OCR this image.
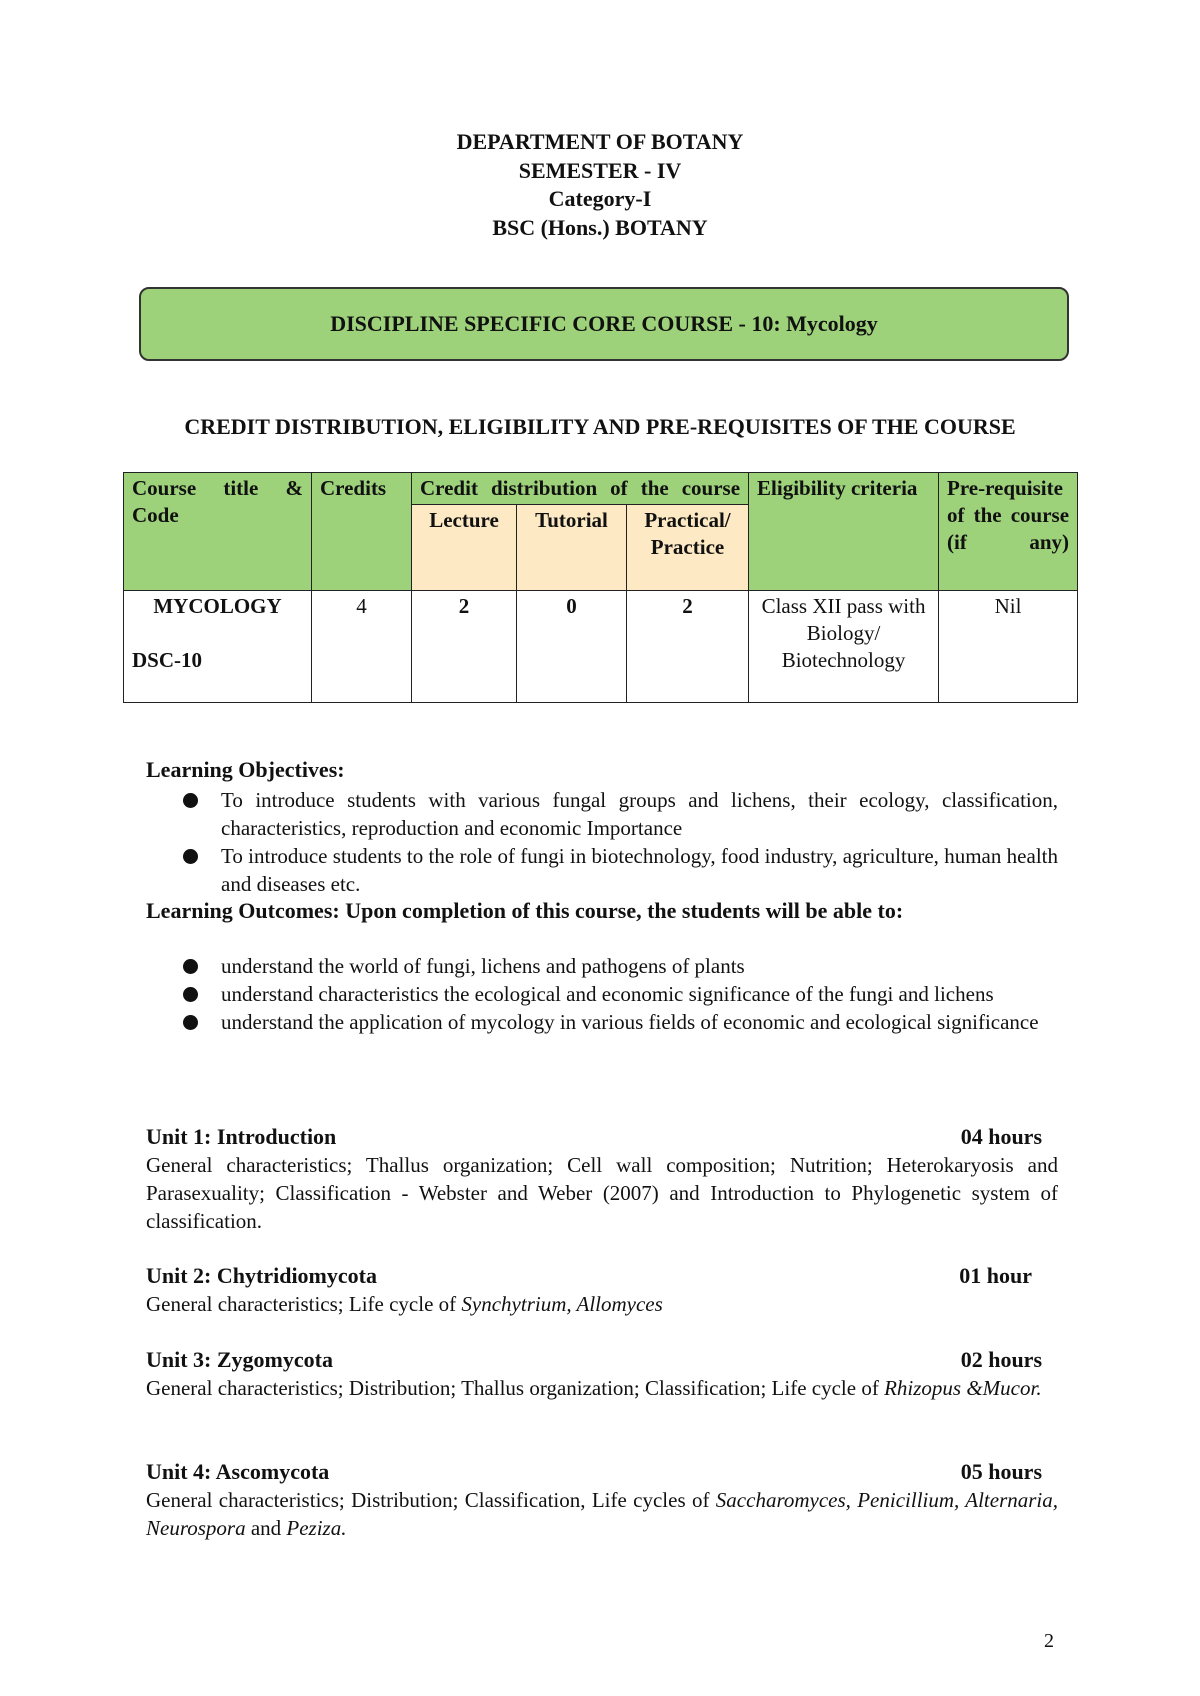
DEPARTMENT OF BOTANY
SEMESTER - IV
Category-I
BSC (Hons.) BOTANY
DISCIPLINE SPECIFIC CORE COURSE - 10: Mycology
CREDIT DISTRIBUTION, ELIGIBILITY AND PRE-REQUISITES OF THE COURSE
Course title & Code	Credits	Credit distribution of the course			Eligibility criteria	Pre-requisite of the course (if any)
		Lecture	Tutorial	Practical/ Practice		

MYCOLOGY
DSC-10	4	2	0	2	Class XII pass with Biology/ Biotechnology	Nil
Learning Objectives:
To introduce students with various fungal groups and lichens, their ecology, classification, characteristics, reproduction and economic Importance
To introduce students to the role of fungi in biotechnology, food industry, agriculture, human health and diseases etc.
Learning Outcomes: Upon completion of this course, the students will be able to:
understand the world of fungi, lichens and pathogens of plants
understand characteristics the ecological and economic significance of the fungi and lichens
understand the application of mycology in various fields of economic and ecological significance
Unit 1: Introduction	04 hours
General characteristics; Thallus organization; Cell wall composition; Nutrition; Heterokaryosis and Parasexuality; Classification - Webster and Weber (2007) and Introduction to Phylogenetic system of classification.
Unit 2: Chytridiomycota	01 hour
General characteristics; Life cycle of Synchytrium, Allomyces
Unit 3: Zygomycota	02 hours
General characteristics; Distribution; Thallus organization; Classification; Life cycle of Rhizopus &Mucor.
Unit 4: Ascomycota	05 hours
General characteristics; Distribution; Classification, Life cycles of Saccharomyces, Penicillium, Alternaria, Neurospora and Peziza.
2
